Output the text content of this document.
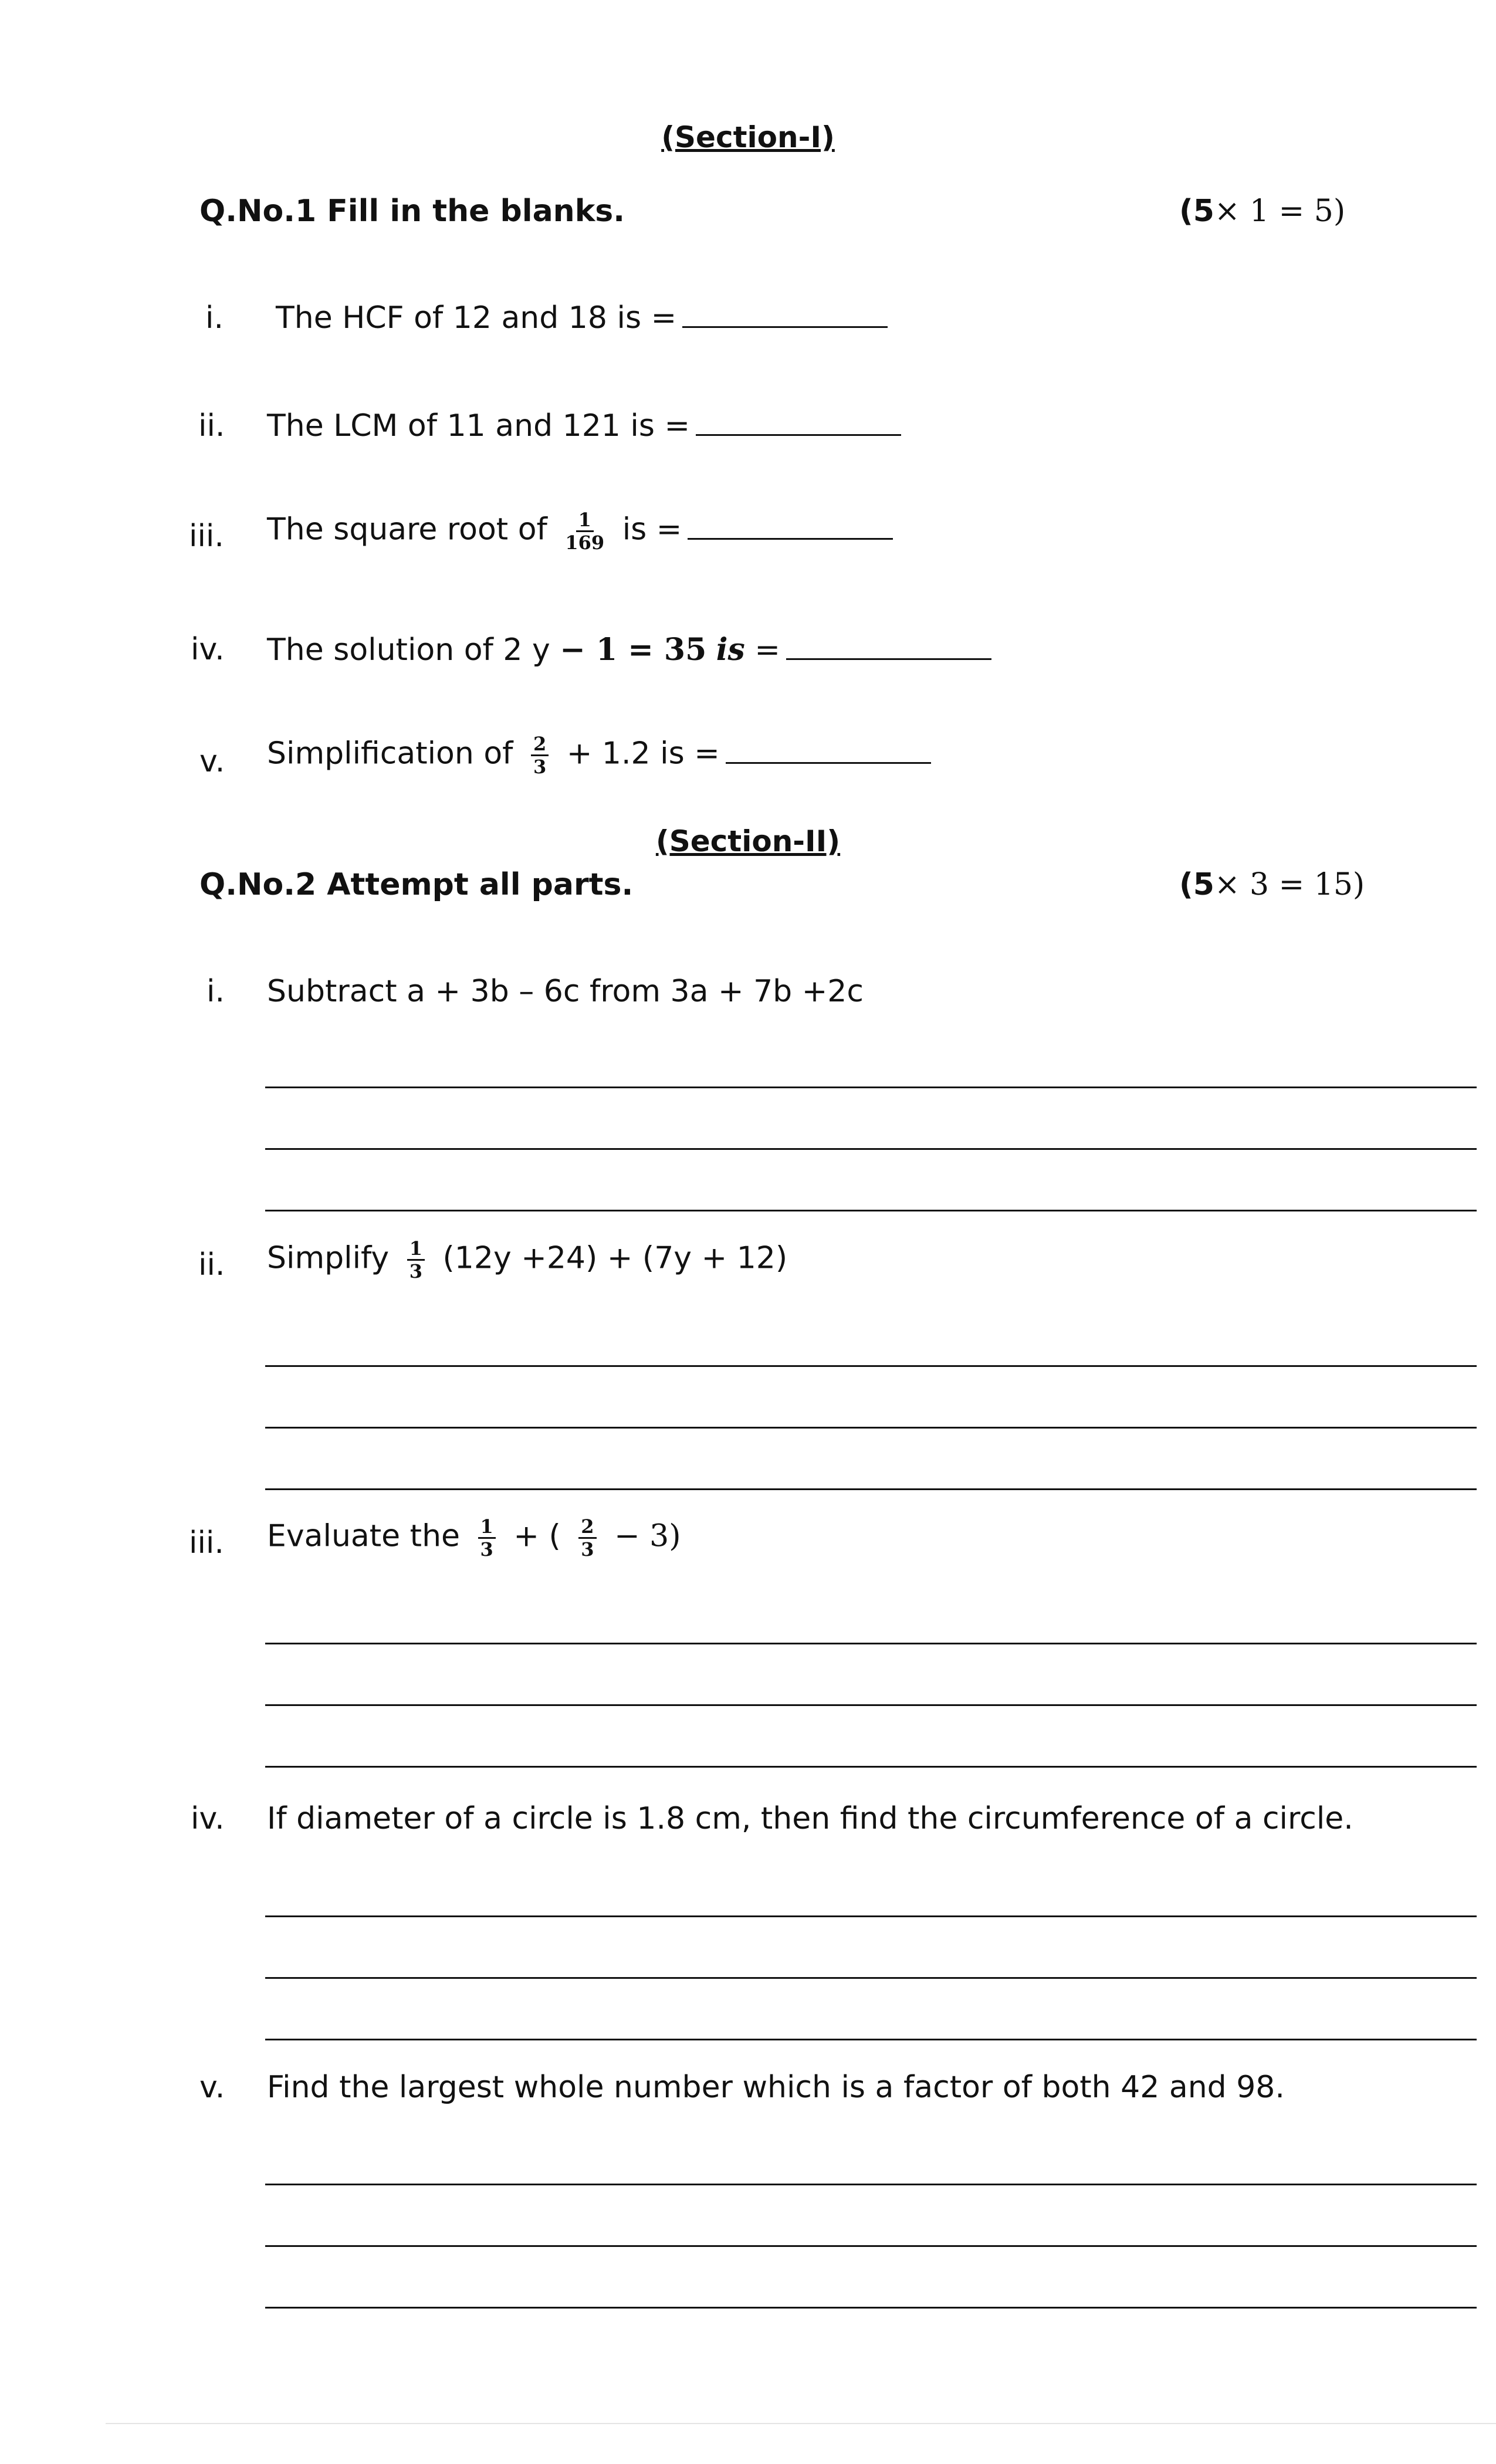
(Section-I)
Q.No.1 Fill in the blanks.	(5× 1 = 5)
i. The HCF of 12 and 18 is =
ii. The LCM of 11 and 121 is =
iii. The square root of $\frac{1}{169}$ is =
iv. The solution of 2 y − 1 = 35 is =
v. Simplification of $\frac{2}{3} + 1.2$ is =
(Section-II)
Q.No.2 Attempt all parts.	(5× 3 = 15)
i. Subtract a + 3b – 6c from 3a + 7b +2c
ii. Simplify $\frac{1}{3} (12y +24) + (7y + 12)$
iii. Evaluate the $\frac{1}{3}$ + ( $\frac{2}{3} - 3$)
iv. If diameter of a circle is 1.8 cm, then find the circumference of a circle.
v. Find the largest whole number which is a factor of both 42 and 98.
